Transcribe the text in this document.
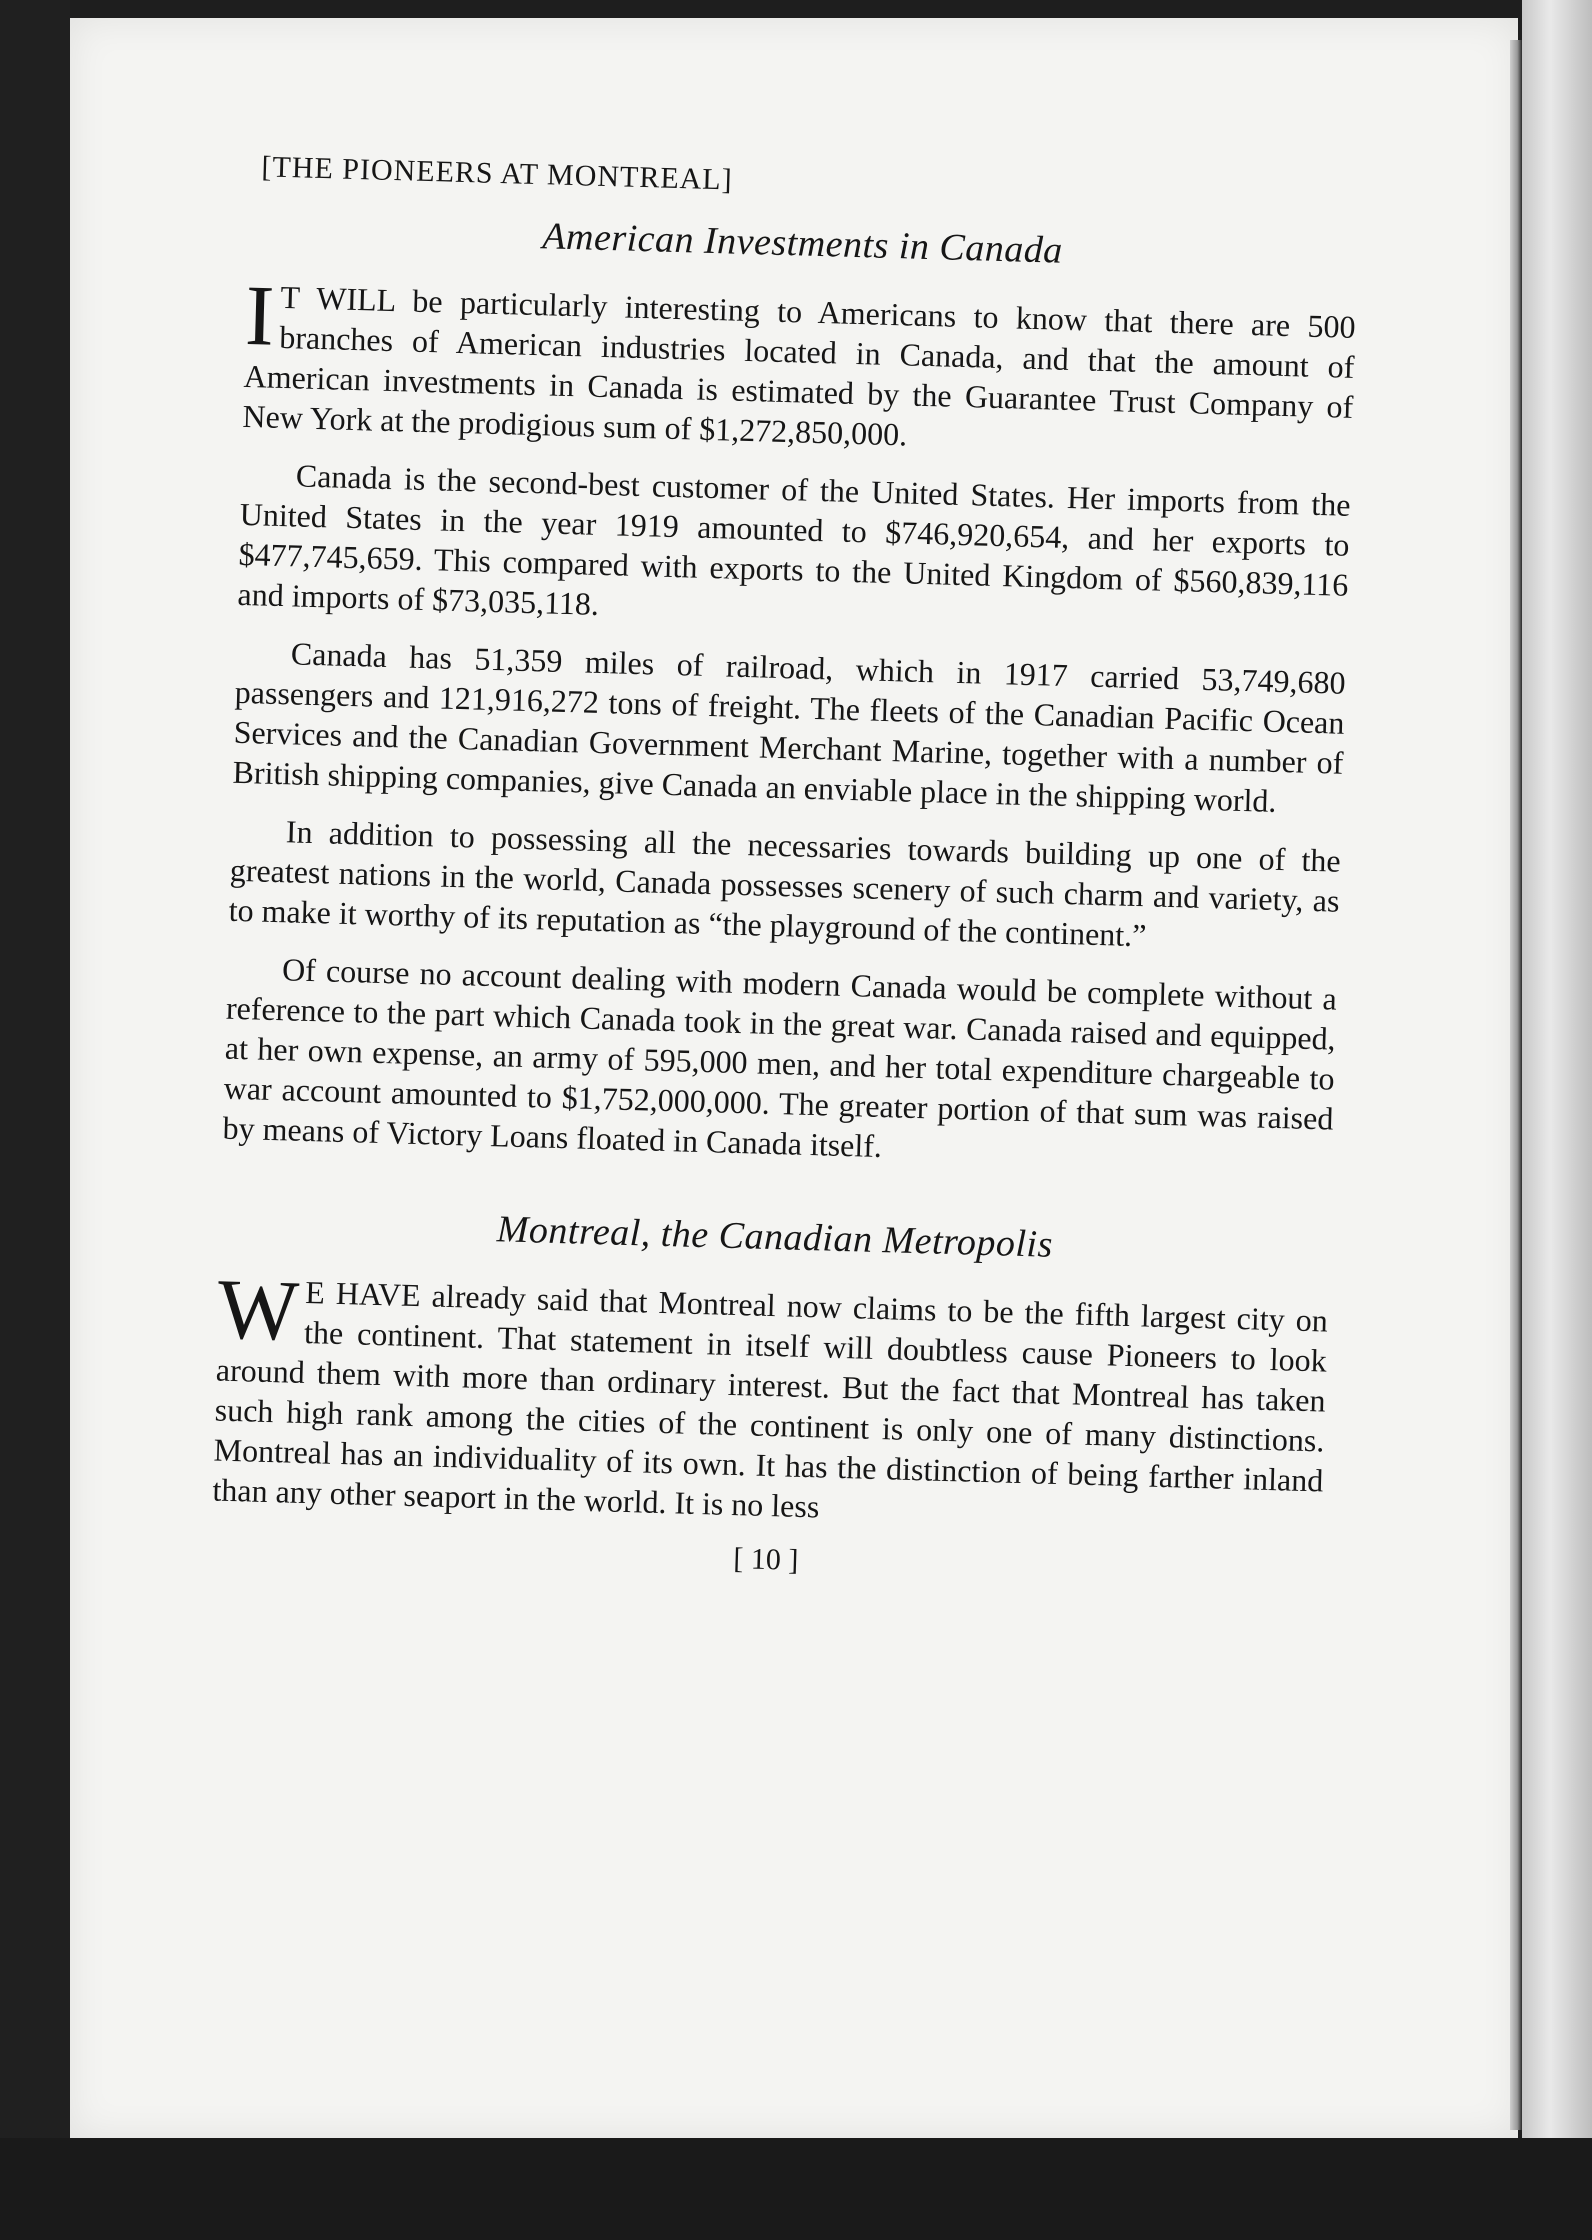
[THE PIONEERS AT MONTREAL]
American Investments in Canada

I T WILL be particularly interesting to Americans to know that there are 500 branches of American industries located in Canada, and that the amount of American investments in Canada is estimated by the Guarantee Trust Company of New York at the prodigious sum of $1,272,850,000.

Canada is the second-best customer of the United States. Her imports from the United States in the year 1919 amounted to $746,920,654, and her exports to $477,745,659. This compared with exports to the United Kingdom of $560,839,116 and imports of $73,035,118.

Canada has 51,359 miles of railroad, which in 1917 carried 53,749,680 passengers and 121,916,272 tons of freight. The fleets of the Canadian Pacific Ocean Services and the Canadian Government Merchant Marine, together with a number of British shipping companies, give Canada an enviable place in the shipping world.

In addition to possessing all the necessaries towards building up one of the greatest nations in the world, Canada possesses scenery of such charm and variety, as to make it worthy of its reputation as “the playground of the continent.”

Of course no account dealing with modern Canada would be complete without a reference to the part which Canada took in the great war. Canada raised and equipped, at her own expense, an army of 595,000 men, and her total expenditure chargeable to war account amounted to $1,752,000,000. The greater portion of that sum was raised by means of Victory Loans floated in Canada itself.

Montreal, the Canadian Metropolis

W E HAVE already said that Montreal now claims to be the fifth largest city on the continent. That statement in itself will doubtless cause Pioneers to look around them with more than ordinary interest. But the fact that Montreal has taken such high rank among the cities of the continent is only one of many distinctions. Montreal has an individuality of its own. It has the distinction of being farther inland than any other seaport in the world. It is no less

[ 10 ]
